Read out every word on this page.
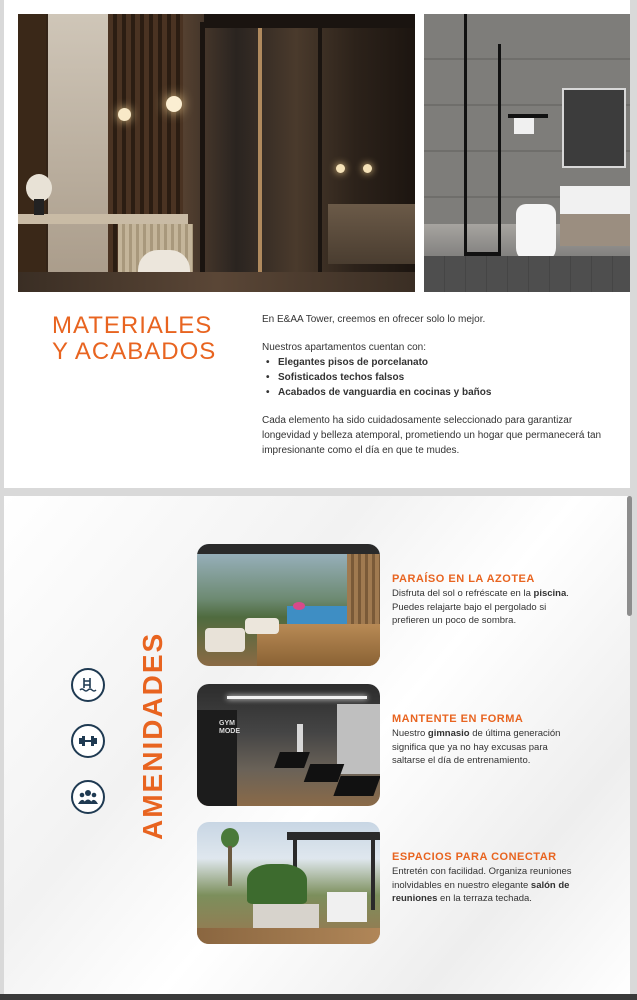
MATERIALES
Y ACABADOS

En E&AA Tower, creemos en ofrecer solo lo mejor.

Nuestros apartamentos cuentan con:

• Elegantes pisos de porcelanato
• Sofisticados techos falsos
• Acabados de vanguardia en cocinas y baños

Cada elemento ha sido cuidadosamente seleccionado para garantizar longevidad y belleza atemporal, prometiendo un hogar que permanecerá tan impresionante como el día en que te mudes.

AMENIDADES

PARAÍSO EN LA AZOTEA

Disfruta del sol o refréscate en la piscina. Puedes relajarte bajo el pergolado si prefieren un poco de sombra.

GYM MODE

MANTENTE EN FORMA

Nuestro gimnasio de última generación significa que ya no hay excusas para saltarse el día de entrenamiento.

ESPACIOS PARA CONECTAR

Entretén con facilidad. Organiza reuniones inolvidables en nuestro elegante salón de reuniones en la terraza techada.
